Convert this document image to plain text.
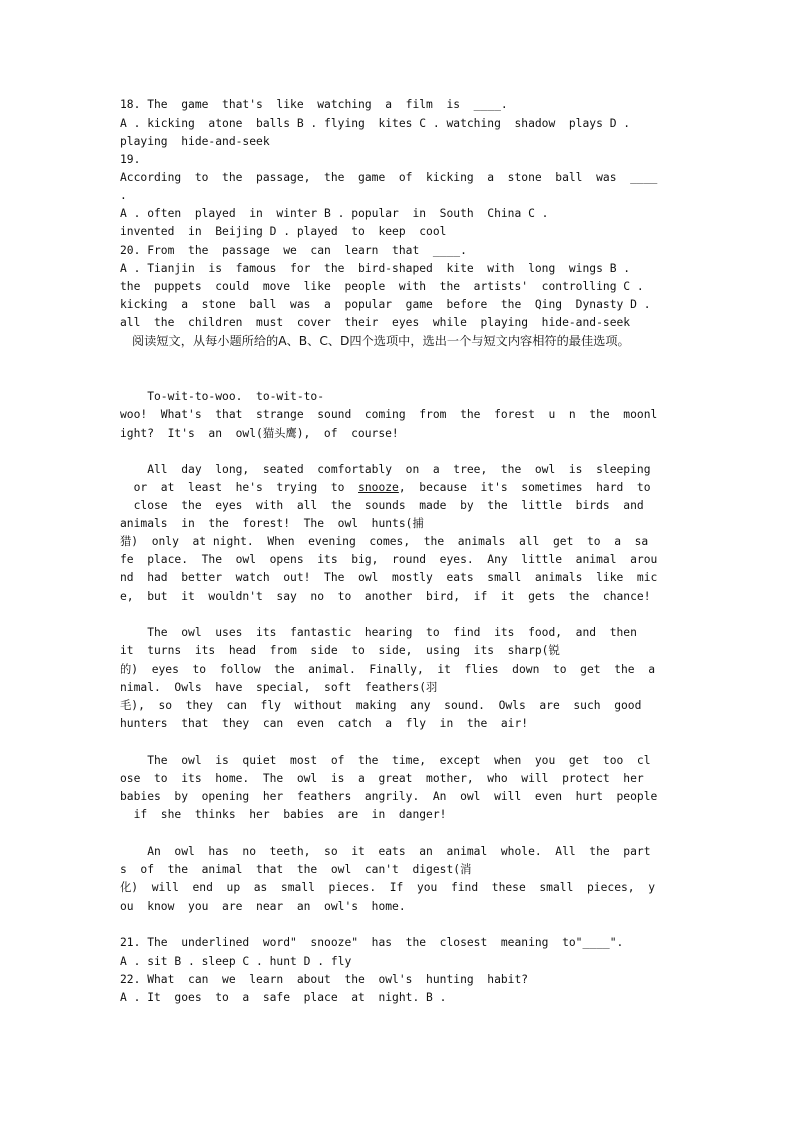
18. The  game  that's  like  watching  a  film  is  ____.
A . kicking  atone  balls B . flying  kites C . watching  shadow  plays D .
playing  hide-and-seek
19.
According  to  the  passage,  the  game  of  kicking  a  stone  ball  was  ____
.
A . often  played  in  winter B . popular  in  South  China C .
invented  in  Beijing D . played  to  keep  cool
20. From  the  passage  we  can  learn  that  ____.
A . Tianjin  is  famous  for  the  bird-shaped  kite  with  long  wings B .
the  puppets  could  move  like  people  with  the  artists'  controlling C .
kicking  a  stone  ball  was  a  popular  game  before  the  Qing  Dynasty D .
all  the  children  must  cover  their  eyes  while  playing  hide-and-seek
阅读短文，从每小题所给的A、B、C、D四个选项中，选出一个与短文内容相符的最佳选项。
To-wit-to-woo.  to-wit-to-
woo!  What's  that  strange  sound  coming  from  the  forest  u  n  the  moonl
ight?  It's  an  owl(猫头鹰),  of  course!
All  day  long,  seated  comfortably  on  a  tree,  the  owl  is  sleeping
or  at  least  he's  trying  to  snooze,  because  it's  sometimes  hard  to
close  the  eyes  with  all  the  sounds  made  by  the  little  birds  and
animals  in  the  forest!  The  owl  hunts(捕
猎)  only  at night.  When  evening  comes,  the  animals  all  get  to  a  sa
fe  place.  The  owl  opens  its  big,  round  eyes.  Any  little  animal  arou
nd  had  better  watch  out!  The  owl  mostly  eats  small  animals  like  mic
e,  but  it  wouldn't  say  no  to  another  bird,  if  it  gets  the  chance!
The  owl  uses  its  fantastic  hearing  to  find  its  food,  and  then
it  turns  its  head  from  side  to  side,  using  its  sharp(锐
的)  eyes  to  follow  the  animal.  Finally,  it  flies  down  to  get  the  a
nimal.  Owls  have  special,  soft  feathers(羽
毛),  so  they  can  fly  without  making  any  sound.  Owls  are  such  good
hunters  that  they  can  even  catch  a  fly  in  the  air!
The  owl  is  quiet  most  of  the  time,  except  when  you  get  too  cl
ose  to  its  home.  The  owl  is  a  great  mother,  who  will  protect  her
babies  by  opening  her  feathers  angrily.  An  owl  will  even  hurt  people
if  she  thinks  her  babies  are  in  danger!
An  owl  has  no  teeth,  so  it  eats  an  animal  whole.  All  the  part
s  of  the  animal  that  the  owl  can't  digest(消
化)  will  end  up  as  small  pieces.  If  you  find  these  small  pieces,  y
ou  know  you  are  near  an  owl's  home.
21. The  underlined  word"  snooze"  has  the  closest  meaning  to"____".
A . sit B . sleep C . hunt D . fly
22. What  can  we  learn  about  the  owl's  hunting  habit?
A . It  goes  to  a  safe  place  at  night. B .
